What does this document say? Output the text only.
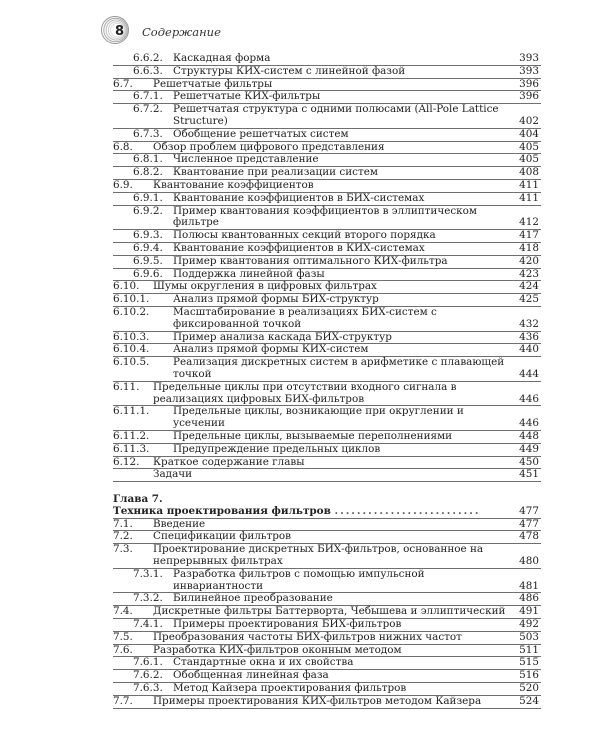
8 Содержание
6.6.2. Каскадная форма	393
6.6.3. Структуры КИХ-систем с линейной фазой	393
6.7.	Решетчатые фильтры	396
6.7.1. Решетчатые КИХ-фильтры	396
6.7.2. Решетчатая структура с одними полюсами (All-Pole Lattice Structure)	402
6.7.3. Обобщение решетчатых систем	404
6.8.	Обзор проблем цифрового представления	405
6.8.1. Численное представление	405
6.8.2. Квантование при реализации систем	408
6.9.	Квантование коэффициентов	411
6.9.1. Квантование коэффициентов в БИХ-системах	411
6.9.2. Пример квантования коэффициентов в эллиптическом фильтре	412
6.9.3. Полюсы квантованных секций второго порядка	417
6.9.4. Квантование коэффициентов в КИХ-системах	418
6.9.5. Пример квантования оптимального КИХ-фильтра	420
6.9.6. Поддержка линейной фазы	423
6.10.	Шумы округления в цифровых фильтрах	424
6.10.1.	Анализ прямой формы БИХ-структур	425
6.10.2.	Масштабирование в реализациях БИХ-систем с фиксированной точкой	432
6.10.3.	Пример анализа каскада БИХ-структур	436
6.10.4.	Анализ прямой формы КИХ-систем	440
6.10.5.	Реализация дискретных систем в арифметике с плавающей точкой	444
6.11.	Предельные циклы при отсутствии входного сигнала в реализациях цифровых БИХ-фильтров	446
6.11.1.	Предельные циклы, возникающие при округлении и усечении	446
6.11.2.	Предельные циклы, вызываемые переполнениями	448
6.11.3.	Предупреждение предельных циклов	449
6.12.	Краткое содержание главы	450
Задачи	451
Глава 7.
Техника проектирования фильтров ..........................	477
7.1.	Введение	477
7.2.	Спецификации фильтров	478
7.3.	Проектирование дискретных БИХ-фильтров, основанное на непрерывных фильтрах	480
7.3.1. Разработка фильтров с помощью импульсной инвариантности	481
7.3.2. Билинейное преобразование	486
7.4.	Дискретные фильтры Баттерворта, Чебышева и эллиптический	491
7.4.1. Примеры проектирования БИХ-фильтров	492
7.5.	Преобразования частоты БИХ-фильтров нижних частот	503
7.6.	Разработка КИХ-фильтров оконным методом	511
7.6.1. Стандартные окна и их свойства	515
7.6.2. Обобщенная линейная фаза	516
7.6.3. Метод Кайзера проектирования фильтров	520
7.7.	Примеры проектирования КИХ-фильтров методом Кайзера	524
